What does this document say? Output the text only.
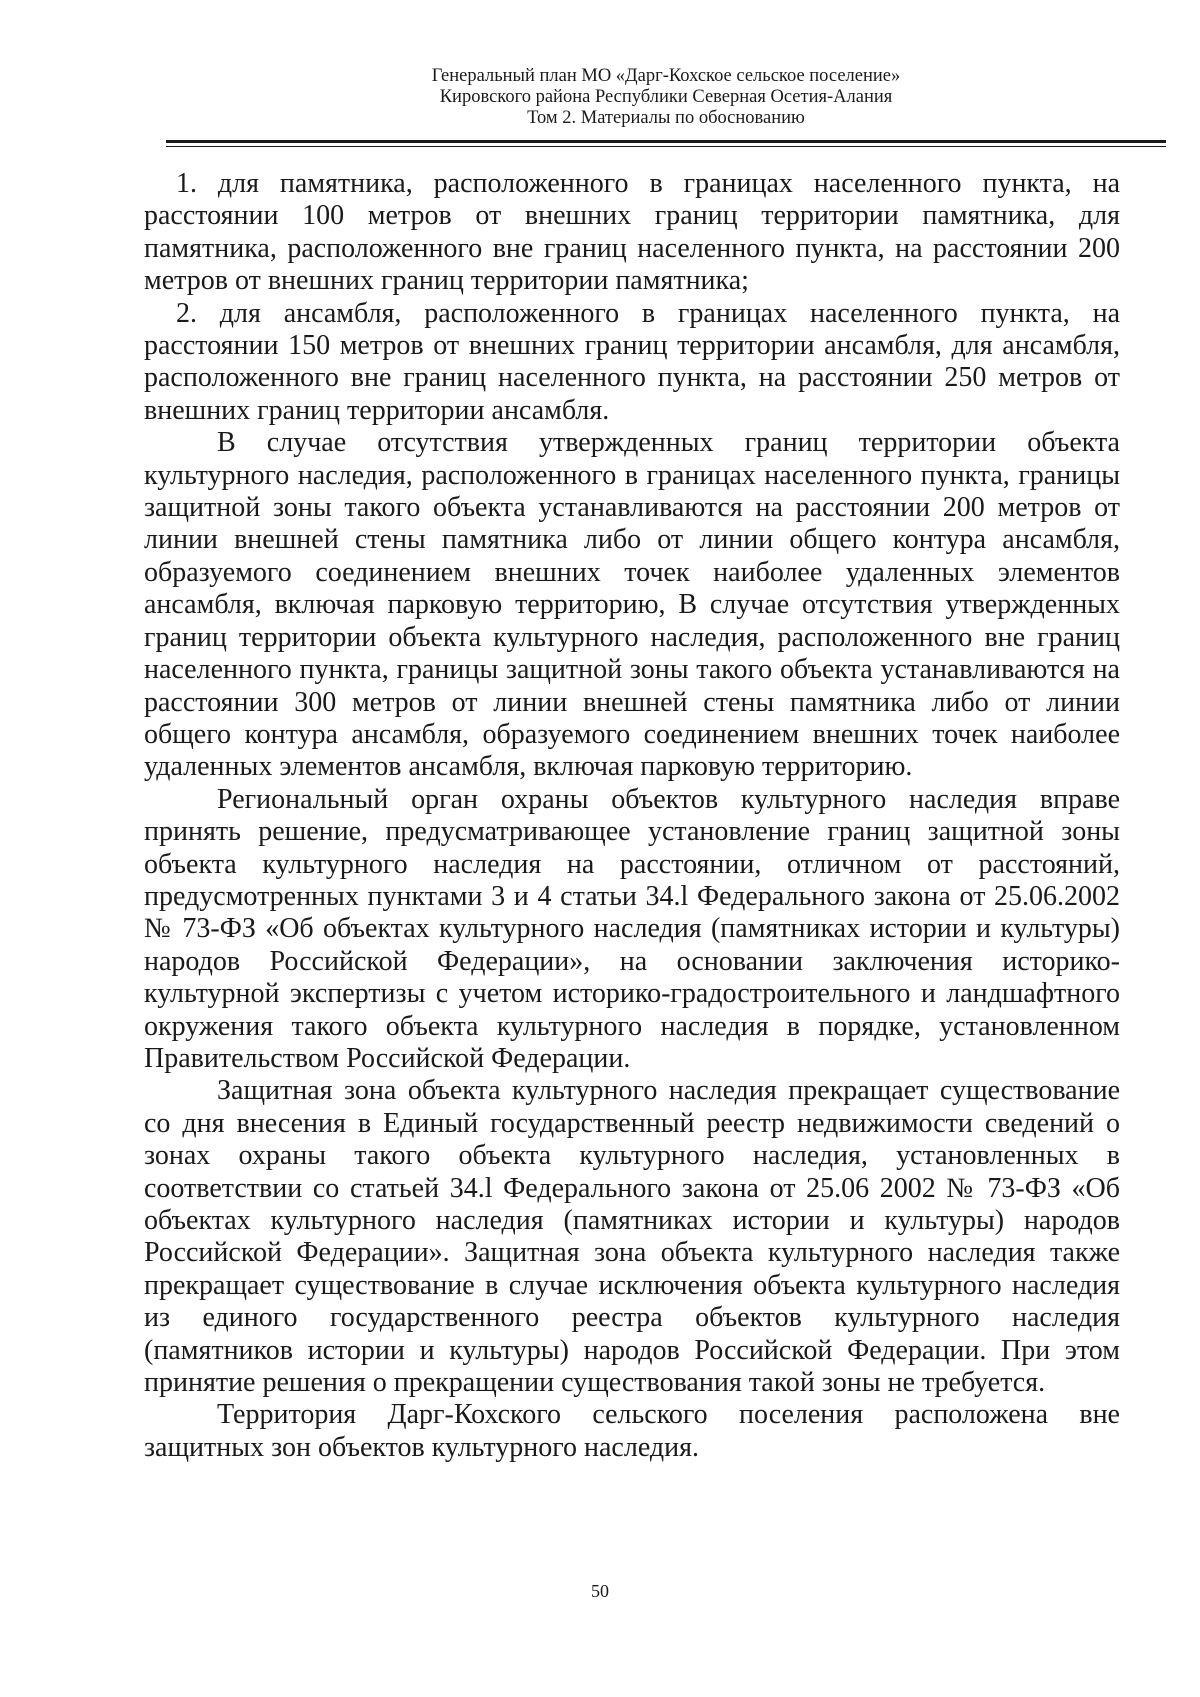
Генеральный план МО «Дарг-Кохское сельское поселение»
Кировского района Республики Северная Осетия-Алания
Том 2. Материалы по обоснованию

1. для памятника, расположенного в границах населенного пункта, на расстоянии 100 метров от внешних границ территории памятника, для памятника, расположенного вне границ населенного пункта, на расстоянии 200 метров от внешних границ территории памятника;

2. для ансамбля, расположенного в границах населенного пункта, на расстоянии 150 метров от внешних границ территории ансамбля, для ансамбля, расположенного вне границ населенного пункта, на расстоянии 250 метров от внешних границ территории ансамбля.

В случае отсутствия утвержденных границ территории объекта культурного наследия, расположенного в границах населенного пункта, границы защитной зоны такого объекта устанавливаются на расстоянии 200 метров от линии внешней стены памятника либо от линии общего контура ансамбля, образуемого соединением внешних точек наиболее удаленных элементов ансамбля, включая парковую территорию, В случае отсутствия утвержденных границ территории объекта культурного наследия, расположенного вне границ населенного пункта, границы защитной зоны такого объекта устанавливаются на расстоянии 300 метров от линии внешней стены памятника либо от линии общего контура ансамбля, образуемого соединением внешних точек наиболее удаленных элементов ансамбля, включая парковую территорию.

Региональный орган охраны объектов культурного наследия вправе принять решение, предусматривающее установление границ защитной зоны объекта культурного наследия на расстоянии, отличном от расстояний, предусмотренных пунктами 3 и 4 статьи 34.l Федерального закона от 25.06.2002 № 73-ФЗ «Об объектах культурного наследия (памятниках истории и культуры) народов Российской Федерации», на основании заключения историко-культурной экспертизы с учетом историко-градостроительного и ландшафтного окружения такого объекта культурного наследия в порядке, установленном Правительством Российской Федерации.

Защитная зона объекта культурного наследия прекращает существование со дня внесения в Единый государственный реестр недвижимости сведений о зонах охраны такого объекта культурного наследия, установленных в соответствии со статьей 34.l Федерального закона от 25.06 2002 № 73-ФЗ «Об объектах культурного наследия (памятниках истории и культуры) народов Российской Федерации». Защитная зона объекта культурного наследия также прекращает существование в случае исключения объекта культурного наследия из единого государственного реестра объектов культурного наследия (памятников истории и культуры) народов Российской Федерации. При этом принятие решения о прекращении существования такой зоны не требуется.

Территория Дарг-Кохского сельского поселения расположена вне защитных зон объектов культурного наследия.

50
